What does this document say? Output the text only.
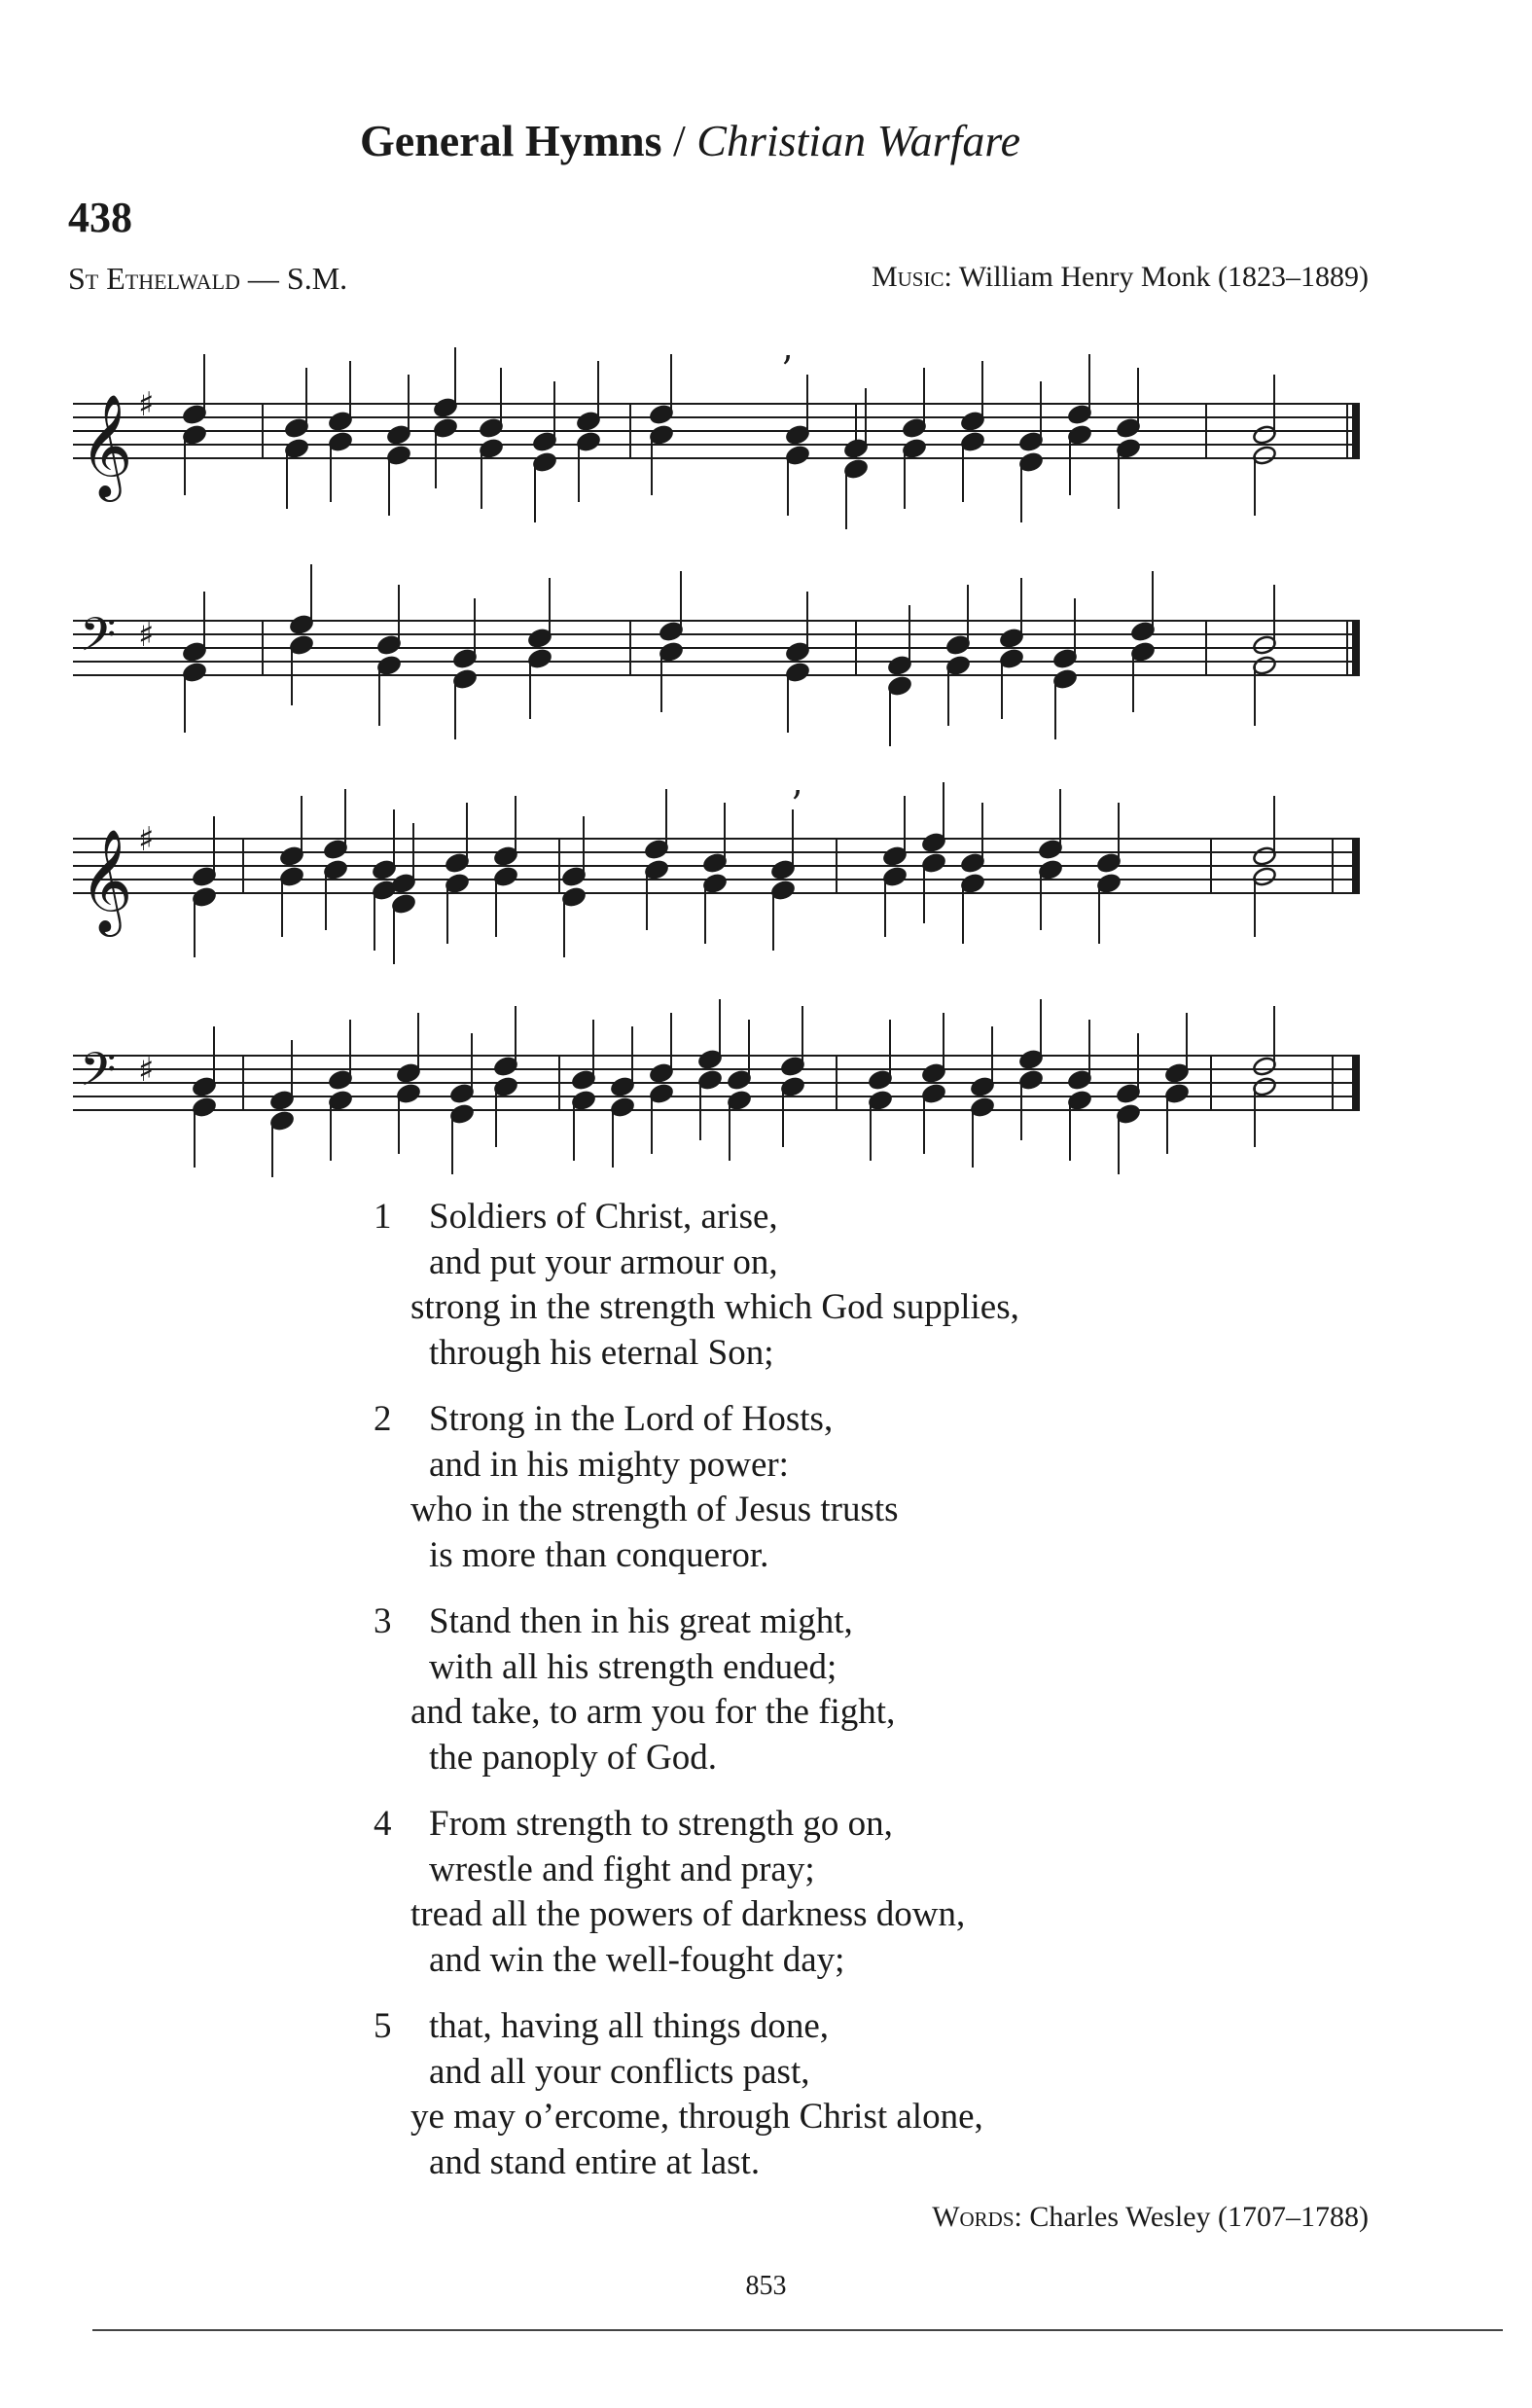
General Hymns / Christian Warfare
438
St Ethelwald — S.M.	Music: William Henry Monk (1823–1889)
𝄞 ♯
’
𝄢 ♯
𝄞 ♯
’
𝄢 ♯
1	Soldiers of Christ, arise,
and put your armour on,
strong in the strength which God supplies,
through his eternal Son;
2	Strong in the Lord of Hosts,
and in his mighty power:
who in the strength of Jesus trusts
is more than conqueror.
3	Stand then in his great might,
with all his strength endued;
and take, to arm you for the fight,
the panoply of God.
4	From strength to strength go on,
wrestle and fight and pray;
tread all the powers of darkness down,
and win the well-fought day;
5	that, having all things done,
and all your conflicts past,
ye may o’ercome, through Christ alone,
and stand entire at last.
Words: Charles Wesley (1707–1788)
853
